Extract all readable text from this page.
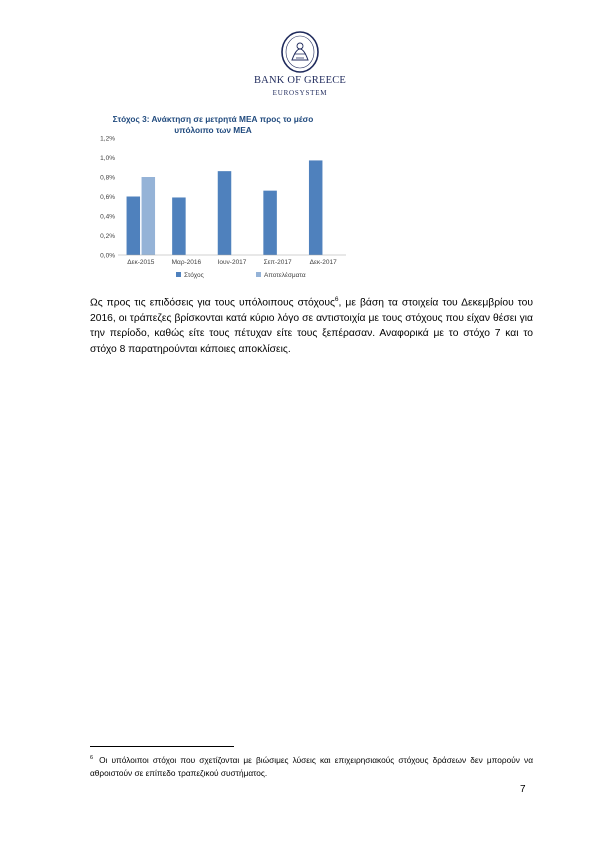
BANK OF GREECE
EUROSYSTEM
Στόχος 3: Ανάκτηση σε μετρητά ΜΕΑ προς το μέσο
υπόλοιπο των ΜΕΑ
0,0%
0,2%
0,4%
0,6%
0,8%
1,0%
1,2%
Δεκ-2015	Μαρ-2016	Ιουν-2017	Σεπ-2017	Δεκ-2017
Στόχος	Αποτελέσματα
Ως προς τις επιδόσεις για τους υπόλοιπους στόχους$^6$, με βάση τα στοιχεία του Δεκεμβρίου του 2016, οι τράπεζες βρίσκονται κατά κύριο λόγο σε αντιστοιχία με τους στόχους που είχαν θέσει για την περίοδο, καθώς είτε τους πέτυχαν είτε τους ξεπέρασαν. Αναφορικά με το στόχο 7 και το στόχο 8 παρατηρούνται κάποιες αποκλίσεις.
$^6$ Οι υπόλοιποι στόχοι που σχετίζονται με βιώσιμες λύσεις και επιχειρησιακούς στόχους δράσεων δεν μπορούν να αθροιστούν σε επίπεδο τραπεζικού συστήματος.
7
